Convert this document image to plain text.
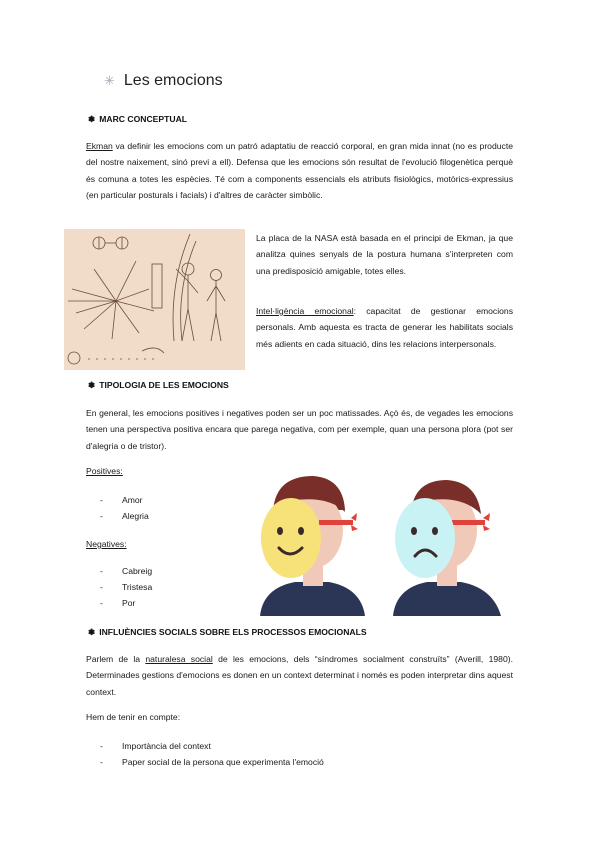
✳ Les emocions
❃ MARC CONCEPTUAL
Ekman va definir les emocions com un patró adaptatiu de reacció corporal, en gran mida innat (no es producte del nostre naixement, sinó previ a ell). Defensa que les emocions són resultat de l'evolució filogenètica perquè és comuna a totes les espècies. Té com a components essencials els atributs fisiològics, motòrics-expressius (en particular posturals i facials) i d'altres de caràcter simbòlic.
La placa de la NASA està basada en el principi de Ekman, ja que analitza quines senyals de la postura humana s'interpreten com una predisposició amigable, totes elles.
Intel·ligència emocional: capacitat de gestionar emocions personals. Amb aquesta es tracta de generar les habilitats socials més adients en cada situació, dins les relacions interpersonals.
❃ TIPOLOGIA DE LES EMOCIONS
En general, les emocions positives i negatives poden ser un poc matissades. Açò és, de vegades les emocions tenen una perspectiva positiva encara que parega negativa, com per exemple, quan una persona plora (pot ser d'alegria o de tristor).
Positives:
- Amor
- Alegria
Negatives:
- Cabreig
- Tristesa
- Por
❃ INFLUÈNCIES SOCIALS SOBRE ELS PROCESSOS EMOCIONALS
Parlem de la naturalesa social de les emocions, dels “síndromes socialment construïts” (Averill, 1980). Determinades gestions d'emocions es donen en un context determinat i només es poden interpretar dins aquest context.
Hem de tenir en compte:
- Importància del context
- Paper social de la persona que experimenta l'emoció
